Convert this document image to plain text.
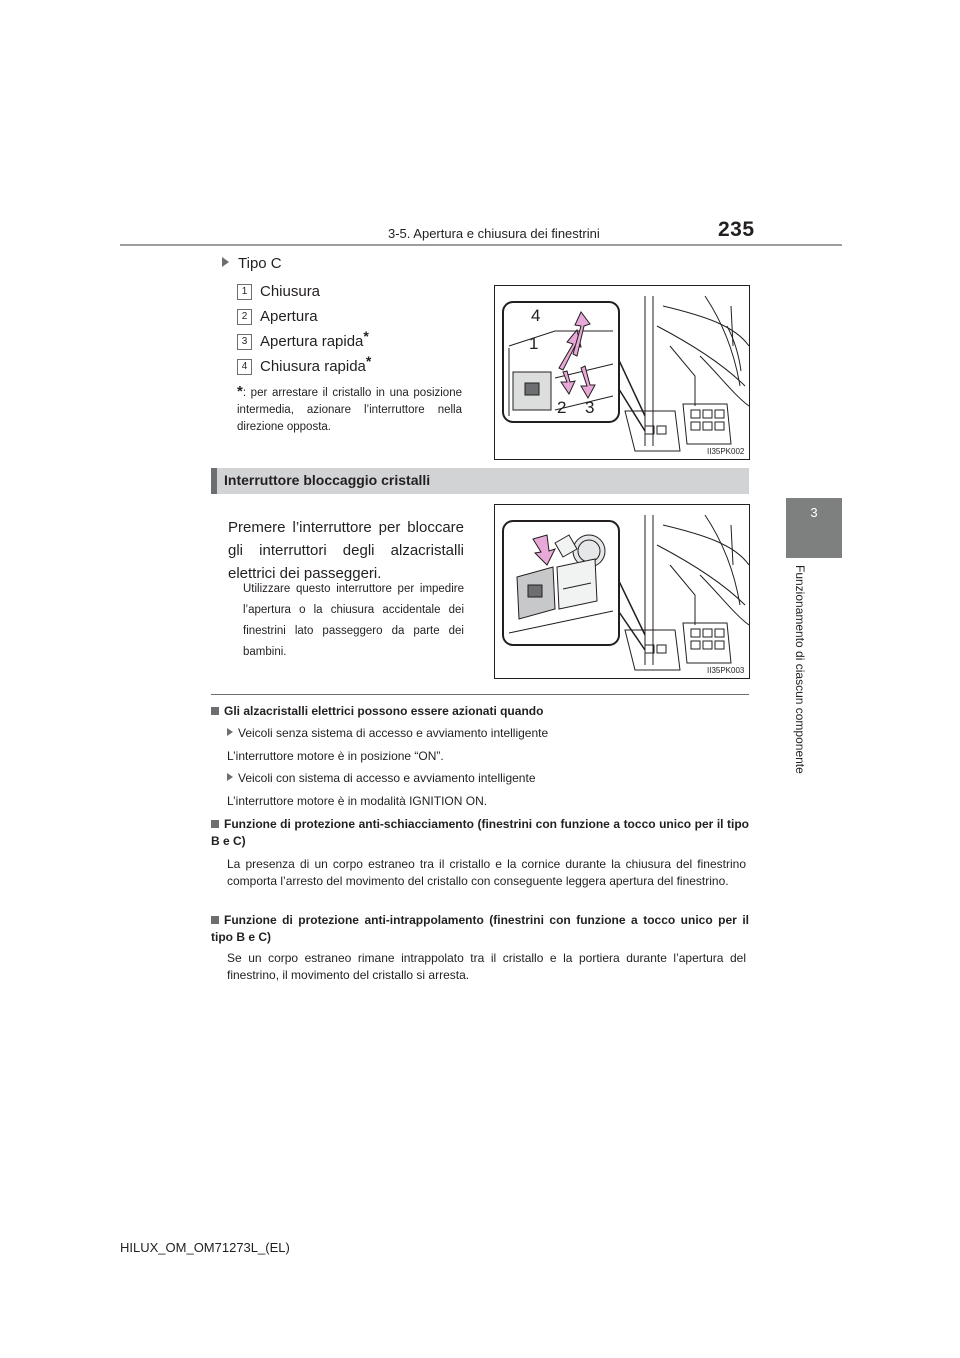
3-5. Apertura e chiusura dei finestrini	235
3
Funzionamento di ciascun componente
Tipo C
1 Chiusura
2 Apertura
3 Apertura rapida*
4 Chiusura rapida*
*: per arrestare il cristallo in una posizione intermedia, azionare l’interruttore nella direzione opposta.
4
1
2 3
II35PK002
Interruttore bloccaggio cristalli
Premere l’interruttore per bloccare gli interruttori degli alzacristalli elettrici dei passeggeri.
Utilizzare questo interruttore per impedire l’apertura o la chiusura accidentale dei finestrini lato passeggero da parte dei bambini.
II35PK003
Gli alzacristalli elettrici possono essere azionati quando
Veicoli senza sistema di accesso e avviamento intelligente
L’interruttore motore è in posizione “ON”.
Veicoli con sistema di accesso e avviamento intelligente
L’interruttore motore è in modalità IGNITION ON.
Funzione di protezione anti-schiacciamento (finestrini con funzione a tocco unico per il tipo B e C)
La presenza di un corpo estraneo tra il cristallo e la cornice durante la chiusura del finestrino comporta l’arresto del movimento del cristallo con conseguente leggera apertura del finestrino.
Funzione di protezione anti-intrappolamento (finestrini con funzione a tocco unico per il tipo B e C)
Se un corpo estraneo rimane intrappolato tra il cristallo e la portiera durante l’apertura del finestrino, il movimento del cristallo si arresta.
HILUX_OM_OM71273L_(EL)
